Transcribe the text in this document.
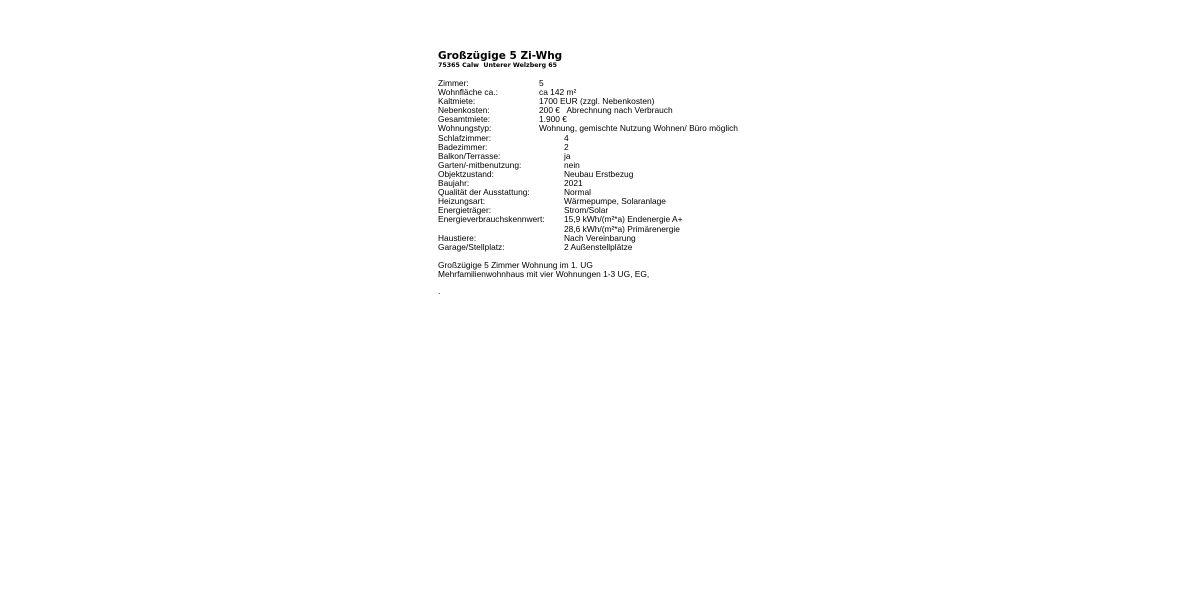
Großzügige 5 Zi-Whg
75365 Calw  Unterer Welzberg 65
Zimmer:	5
Wohnfläche ca.:	ca 142 m²
Kaltmiete:	1700 EUR (zzgl. Nebenkosten)
Nebenkosten:	200 €   Abrechnung nach Verbrauch
Gesamtmiete:	1.900 €
Wohnungstyp:	Wohnung, gemischte Nutzung Wohnen/ Büro möglich
Schlafzimmer:	4
Badezimmer:	2
Balkon/Terrasse:	ja
Garten/-mitbenutzung:	nein
Objektzustand:	Neubau Erstbezug
Baujahr:	2021
Qualität der Ausstattung:	Normal
Heizungsart:	Wärmepumpe, Solaranlage
Energieträger:	Strom/Solar
Energieverbrauchskennwert: 15,9 kWh/(m²*a) Endenergie A+
28,6 kWh/(m²*a) Primärenergie
Haustiere:	Nach Vereinbarung
Garage/Stellplatz:	2 Außenstellplätze

Großzügige 5 Zimmer Wohnung im 1. UG

Mehrfamilienwohnhaus mit vier Wohnungen 1-3 UG, EG,

.
